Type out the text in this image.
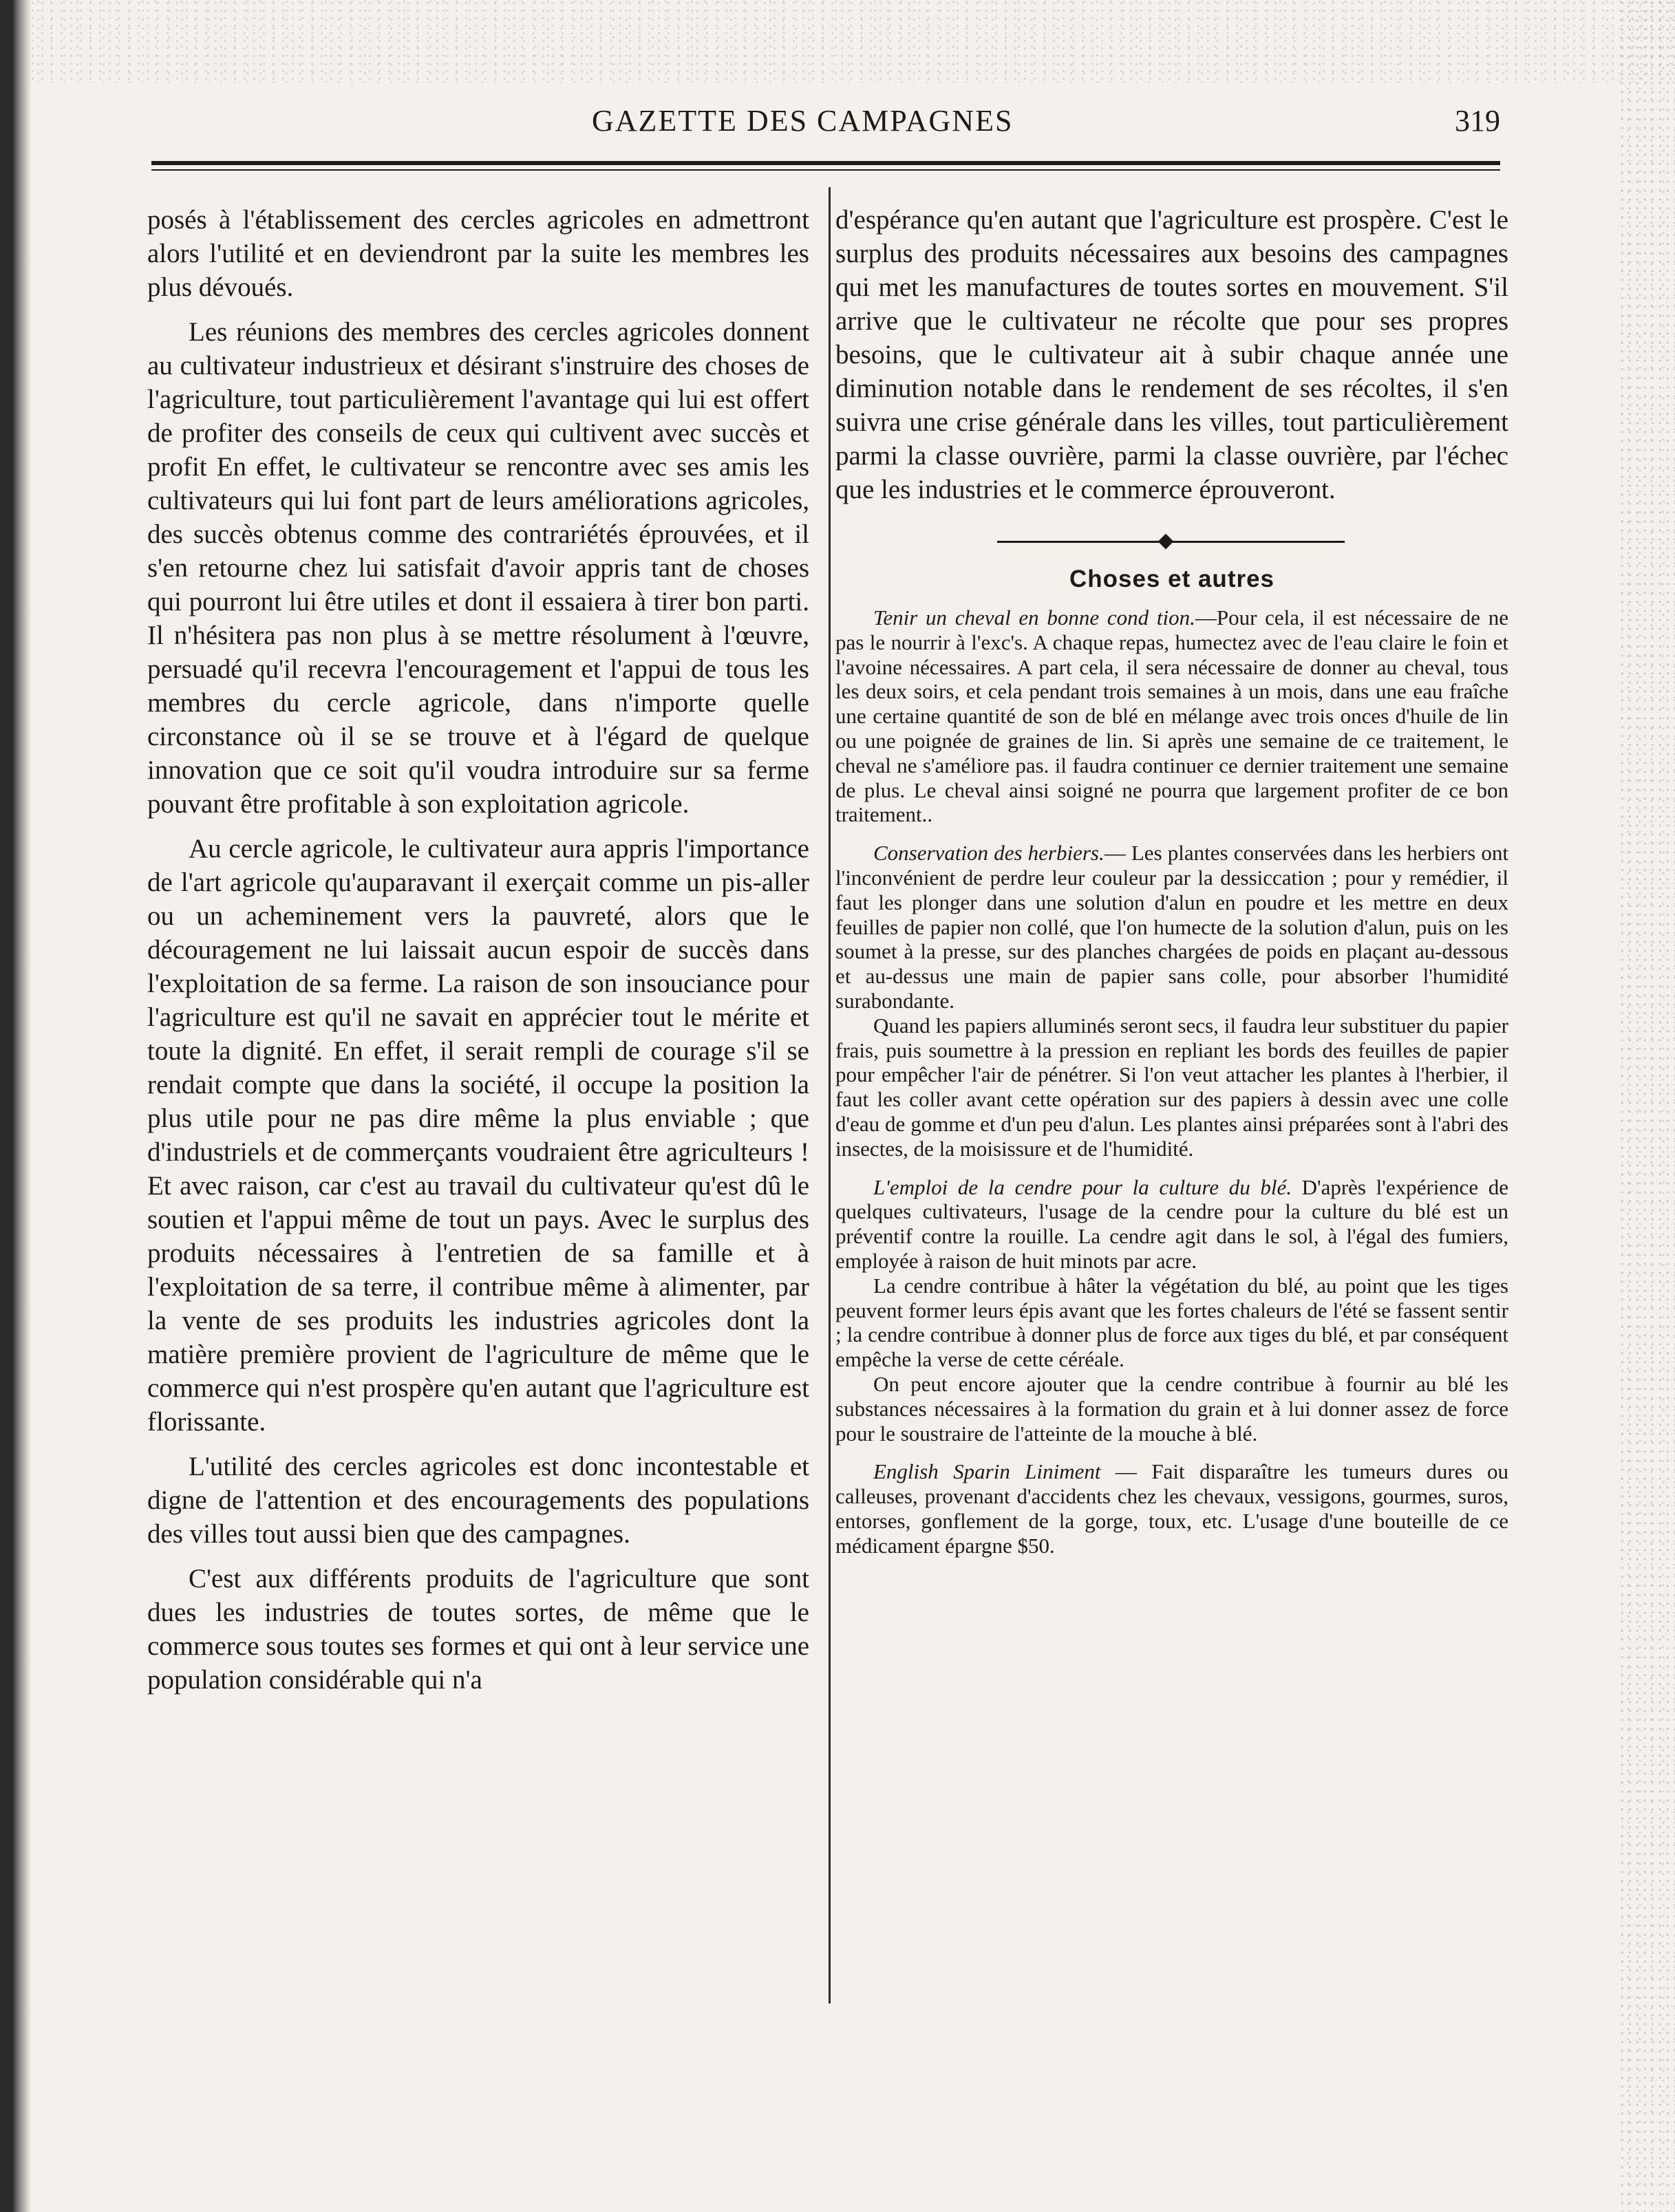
GAZETTE DES CAMPAGNES	319

posés à l'établissement des cercles agricoles en admettront alors l'utilité et en deviendront par la suite les membres les plus dévoués.

Les réunions des membres des cercles agricoles donnent au cultivateur industrieux et désirant s'instruire des choses de l'agriculture, tout particulièrement l'avantage qui lui est offert de profiter des conseils de ceux qui cultivent avec succès et profit En effet, le cultivateur se rencontre avec ses amis les cultivateurs qui lui font part de leurs améliorations agricoles, des succès obtenus comme des contrariétés éprouvées, et il s'en retourne chez lui satisfait d'avoir appris tant de choses qui pourront lui être utiles et dont il essaiera à tirer bon parti. Il n'hésitera pas non plus à se mettre résolument à l'œuvre, persuadé qu'il recevra l'encouragement et l'appui de tous les membres du cercle agricole, dans n'importe quelle circonstance où il se se trouve et à l'égard de quelque innovation que ce soit qu'il voudra introduire sur sa ferme pouvant être profitable à son exploitation agricole.

Au cercle agricole, le cultivateur aura appris l'importance de l'art agricole qu'auparavant il exerçait comme un pis-aller ou un acheminement vers la pauvreté, alors que le découragement ne lui laissait aucun espoir de succès dans l'exploitation de sa ferme. La raison de son insouciance pour l'agriculture est qu'il ne savait en apprécier tout le mérite et toute la dignité. En effet, il serait rempli de courage s'il se rendait compte que dans la société, il occupe la position la plus utile pour ne pas dire même la plus enviable ; que d'industriels et de commerçants voudraient être agriculteurs ! Et avec raison, car c'est au travail du cultivateur qu'est dû le soutien et l'appui même de tout un pays. Avec le surplus des produits nécessaires à l'entretien de sa famille et à l'exploitation de sa terre, il contribue même à alimenter, par la vente de ses produits les industries agricoles dont la matière première provient de l'agriculture de même que le commerce qui n'est prospère qu'en autant que l'agriculture est florissante.

L'utilité des cercles agricoles est donc incontestable et digne de l'attention et des encouragements des populations des villes tout aussi bien que des campagnes.

C'est aux différents produits de l'agriculture que sont dues les industries de toutes sortes, de même que le commerce sous toutes ses formes et qui ont à leur service une population considérable qui n'a

d'espérance qu'en autant que l'agriculture est prospère. C'est le surplus des produits nécessaires aux besoins des campagnes qui met les manufactures de toutes sortes en mouvement. S'il arrive que le cultivateur ne récolte que pour ses propres besoins, que le cultivateur ait à subir chaque année une diminution notable dans le rendement de ses récoltes, il s'en suivra une crise générale dans les villes, tout particulièrement parmi la classe ouvrière, parmi la classe ouvrière, par l'échec que les industries et le commerce éprouveront.

Choses et autres

Tenir un cheval en bonne cond tion.—Pour cela, il est nécessaire de ne pas le nourrir à l'exc's. A chaque repas, humectez avec de l'eau claire le foin et l'avoine nécessaires. A part cela, il sera nécessaire de donner au cheval, tous les deux soirs, et cela pendant trois semaines à un mois, dans une eau fraîche une certaine quantité de son de blé en mélange avec trois onces d'huile de lin ou une poignée de graines de lin. Si après une semaine de ce traitement, le cheval ne s'améliore pas. il faudra continuer ce dernier traitement une semaine de plus. Le cheval ainsi soigné ne pourra que largement profiter de ce bon traitement..

Conservation des herbiers.— Les plantes conservées dans les herbiers ont l'inconvénient de perdre leur couleur par la dessiccation ; pour y remédier, il faut les plonger dans une solution d'alun en poudre et les mettre en deux feuilles de papier non collé, que l'on humecte de la solution d'alun, puis on les soumet à la presse, sur des planches chargées de poids en plaçant au-dessous et au-dessus une main de papier sans colle, pour absorber l'humidité surabondante.

Quand les papiers alluminés seront secs, il faudra leur substituer du papier frais, puis soumettre à la pression en repliant les bords des feuilles de papier pour empêcher l'air de pénétrer. Si l'on veut attacher les plantes à l'herbier, il faut les coller avant cette opération sur des papiers à dessin avec une colle d'eau de gomme et d'un peu d'alun. Les plantes ainsi préparées sont à l'abri des insectes, de la moisissure et de l'humidité.

L'emploi de la cendre pour la culture du blé. D'après l'expérience de quelques cultivateurs, l'usage de la cendre pour la culture du blé est un préventif contre la rouille. La cendre agit dans le sol, à l'égal des fumiers, employée à raison de huit minots par acre.

La cendre contribue à hâter la végétation du blé, au point que les tiges peuvent former leurs épis avant que les fortes chaleurs de l'été se fassent sentir ; la cendre contribue à donner plus de force aux tiges du blé, et par conséquent empêche la verse de cette céréale.

On peut encore ajouter que la cendre contribue à fournir au blé les substances nécessaires à la formation du grain et à lui donner assez de force pour le soustraire de l'atteinte de la mouche à blé.

English Sparin Liniment — Fait disparaître les tumeurs dures ou calleuses, provenant d'accidents chez les chevaux, vessigons, gourmes, suros, entorses, gonflement de la gorge, toux, etc. L'usage d'une bouteille de ce médicament épargne $50.
